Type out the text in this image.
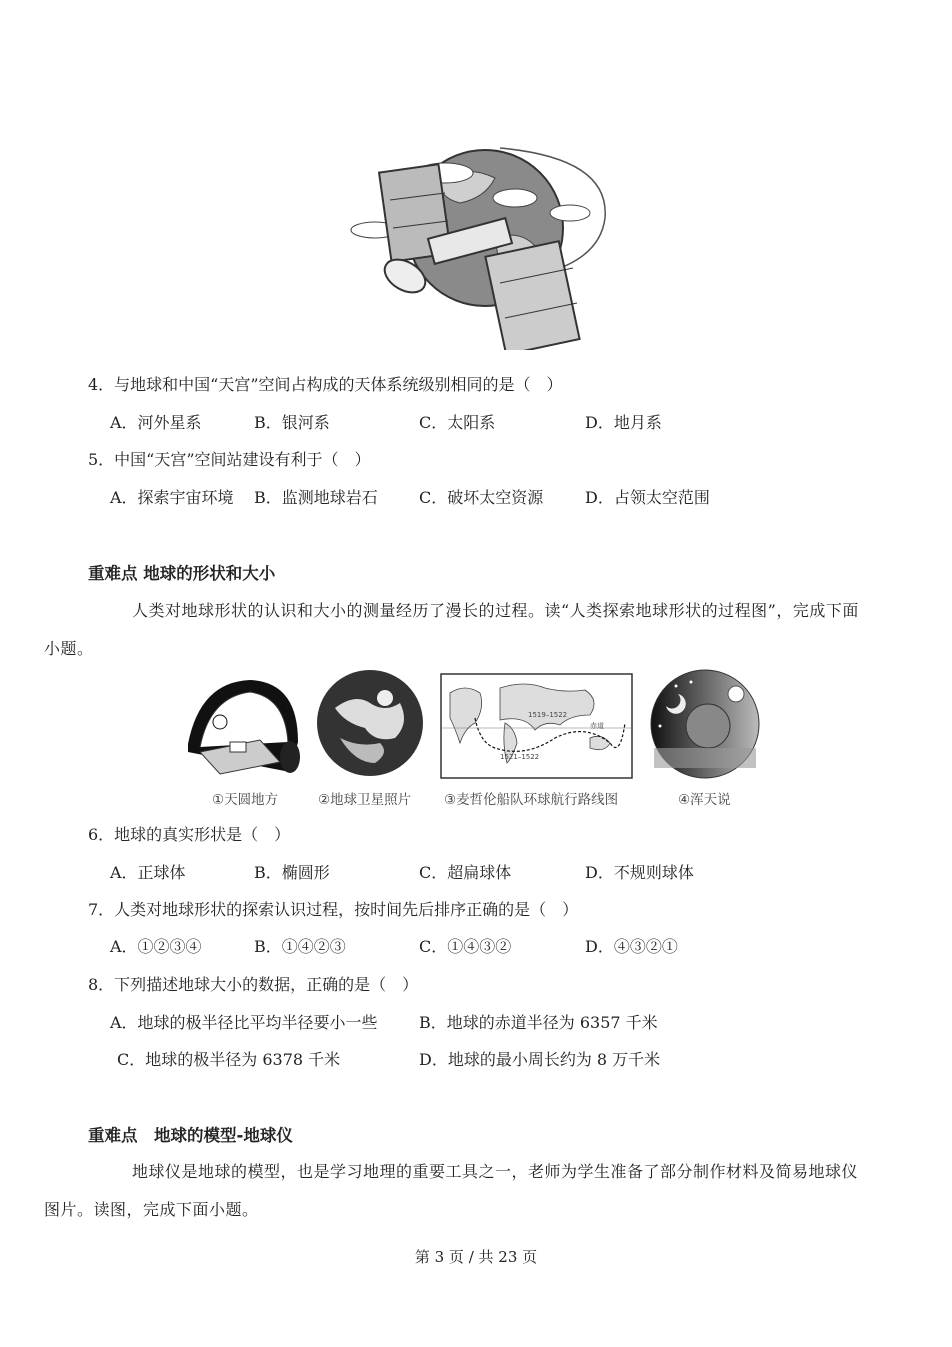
4．与地球和中国“天宫”空间占构成的天体系统级别相同的是（　）
A．河外星系	B．银河系	C．太阳系	D．地月系
5．中国“天宫”空间站建设有利于（　）
A．探索宇宙环境 B．监测地球岩石	C．破坏太空资源	D．占领太空范围
重难点 地球的形状和大小
人类对地球形状的认识和大小的测量经历了漫长的过程。读“人类探索地球形状的过程图”，完成下面
小题。
1519–1522
1521–1522
赤道
①天圆地方	②地球卫星照片 ③麦哲伦船队环球航行路线图	④浑天说
6．地球的真实形状是（　）
A．正球体	B．椭圆形	C．超扁球体	D．不规则球体
7．人类对地球形状的探索认识过程，按时间先后排序正确的是（　）
A．①②③④	B．①④②③	C．①④③②	D．④③②①
8．下列描述地球大小的数据，正确的是（　）
A．地球的极半径比平均半径要小一些	B．地球的赤道半径为 6357 千米
C．地球的极半径为 6378 千米	D．地球的最小周长约为 8 万千米
重难点　地球的模型-地球仪
地球仪是地球的模型，也是学习地理的重要工具之一，老师为学生准备了部分制作材料及简易地球仪
图片。读图，完成下面小题。
第 3 页 / 共 23 页
